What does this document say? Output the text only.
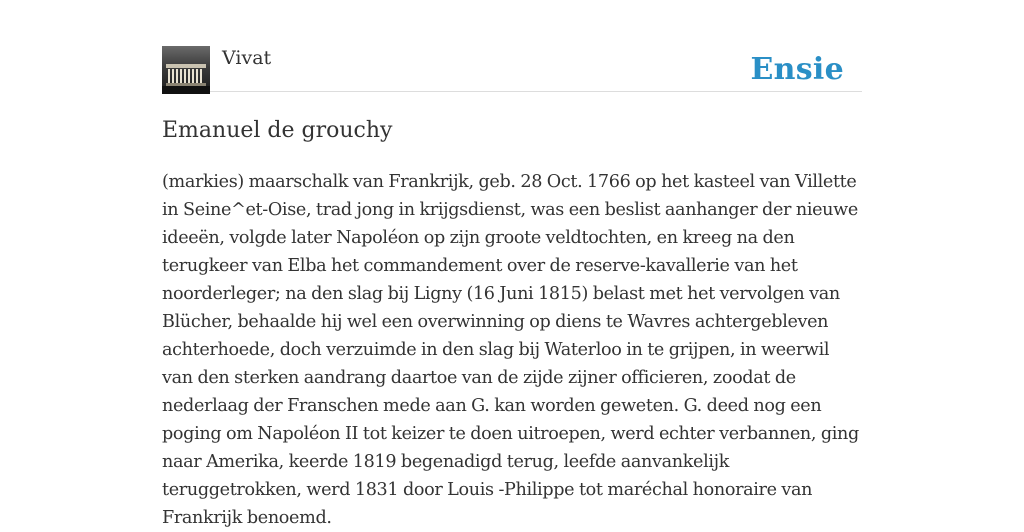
Vivat	Ensie
Emanuel de grouchy

(markies) maarschalk van Frankrijk, geb. 28 Oct. 1766 op het kasteel van Villette in Seine^et-Oise, trad jong in krijgsdienst, was een beslist aanhanger der nieuwe ideeën, volgde later Napoléon op zijn groote veldtochten, en kreeg na den terugkeer van Elba het commandement over de reserve-kavallerie van het noorderleger; na den slag bij Ligny (16 Juni 1815) belast met het vervolgen van Blücher, behaalde hij wel een overwinning op diens te Wavres achtergebleven achterhoede, doch verzuimde in den slag bij Waterloo in te grijpen, in weerwil van den sterken aandrang daartoe van de zijde zijner officieren, zoodat de nederlaag der Franschen mede aan G. kan worden geweten. G. deed nog een poging om Napoléon II tot keizer te doen uitroepen, werd echter verbannen, ging naar Amerika, keerde 1819 begenadigd terug, leefde aanvankelijk teruggetrokken, werd 1831 door Louis -Philippe tot maréchal honoraire van Frankrijk benoemd.
